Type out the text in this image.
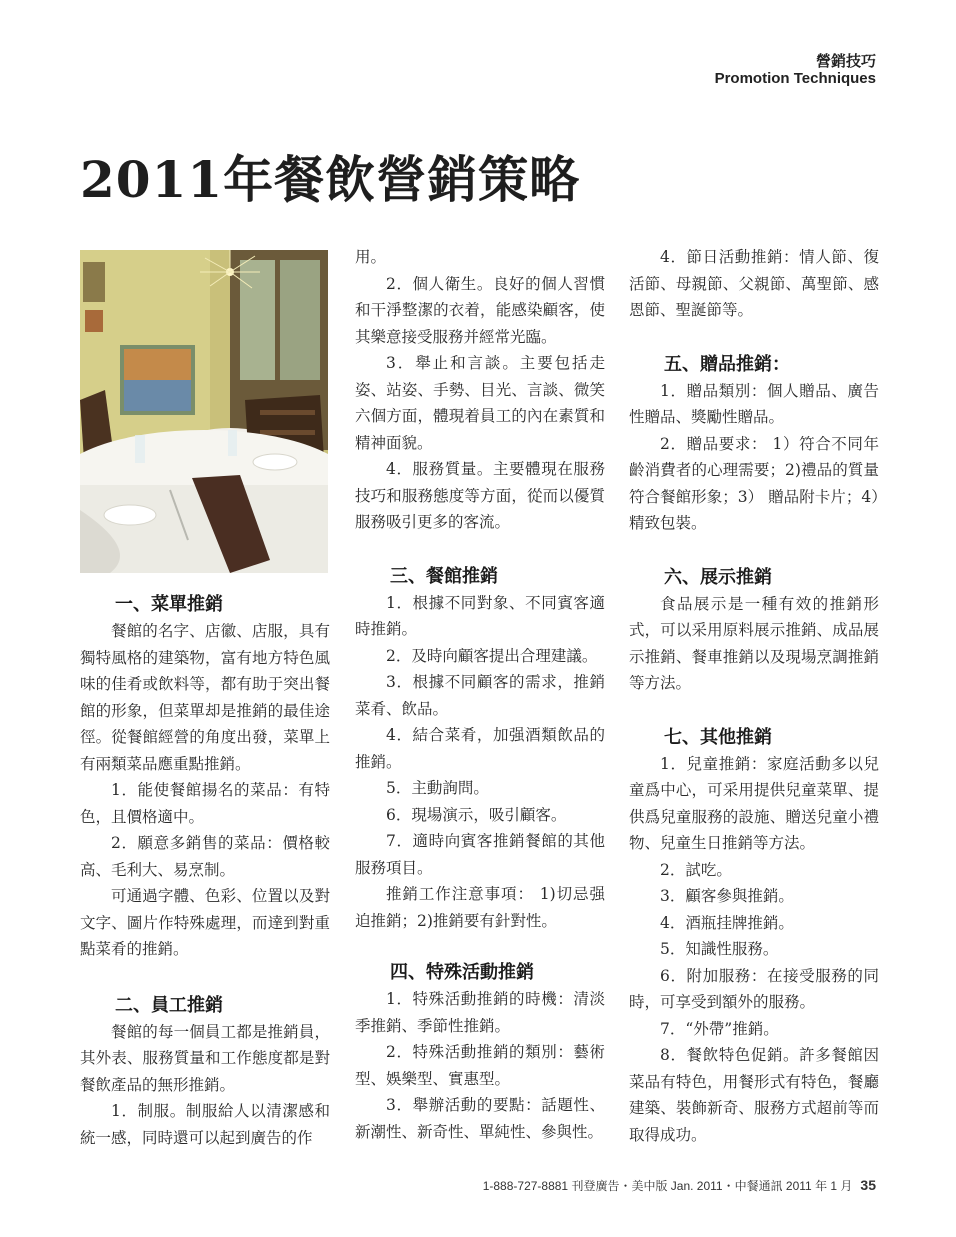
營銷技巧
Promotion Techniques
2011年餐飲營銷策略
一、菜單推銷

餐館的名字、店徽、店服，具有獨特風格的建築物，富有地方特色風味的佳肴或飲料等，都有助于突出餐館的形象，但菜單却是推銷的最佳途徑。從餐館經營的角度出發，菜單上有兩類菜品應重點推銷。

1．能使餐館揚名的菜品：有特色，且價格適中。

2．願意多銷售的菜品：價格較高、毛利大、易烹制。

可通過字體、色彩、位置以及對文字、圖片作特殊處理，而達到對重點菜肴的推銷。

二、員工推銷

餐館的每一個員工都是推銷員，其外表、服務質量和工作態度都是對餐飲產品的無形推銷。

1．制服。制服給人以清潔感和統一感，同時還可以起到廣告的作

用。

2．個人衛生。良好的個人習慣和干淨整潔的衣着，能感染顧客，使其樂意接受服務并經常光臨。

3．舉止和言談。主要包括走姿、站姿、手勢、目光、言談、微笑六個方面，體現着員工的內在素質和精神面貌。

4．服務質量。主要體現在服務技巧和服務態度等方面，從而以優質服務吸引更多的客流。

三、餐館推銷

1．根據不同對象、不同賓客適時推銷。

2．及時向顧客提出合理建議。

3．根據不同顧客的需求，推銷菜肴、飲品。

4．結合菜肴，加强酒類飲品的推銷。

5．主動詢問。

6．現場演示，吸引顧客。

7．適時向賓客推銷餐館的其他服務項目。

推銷工作注意事項： 1)切忌强迫推銷；2)推銷要有針對性。

四、特殊活動推銷

1．特殊活動推銷的時機：清淡季推銷、季節性推銷。

2．特殊活動推銷的類別：藝術型、娛樂型、實惠型。

3．舉辦活動的要點：話題性、新潮性、新奇性、單純性、參與性。

4．節日活動推銷：情人節、復活節、母親節、父親節、萬聖節、感恩節、聖誕節等。

五、贈品推銷：

1．贈品類別：個人贈品、廣告性贈品、獎勵性贈品。

2．贈品要求： 1）符合不同年齡消費者的心理需要；2)禮品的質量符合餐館形象；3） 贈品附卡片；4）精致包裝。

六、展示推銷

食品展示是一種有效的推銷形式，可以采用原料展示推銷、成品展示推銷、餐車推銷以及現場烹調推銷等方法。

七、其他推銷

1．兒童推銷：家庭活動多以兒童爲中心，可采用提供兒童菜單、提供爲兒童服務的設施、贈送兒童小禮物、兒童生日推銷等方法。

2．試吃。

3．顧客參與推銷。

4．酒瓶挂牌推銷。

5．知識性服務。

6．附加服務：在接受服務的同時，可享受到額外的服務。

7．“外帶”推銷。

8．餐飲特色促銷。許多餐館因菜品有特色，用餐形式有特色，餐廳建築、裝飾新奇、服務方式超前等而取得成功。

1-888-727-8881 刊登廣告・美中版 Jan. 2011・中餐通訊 2011 年 1 月 35
